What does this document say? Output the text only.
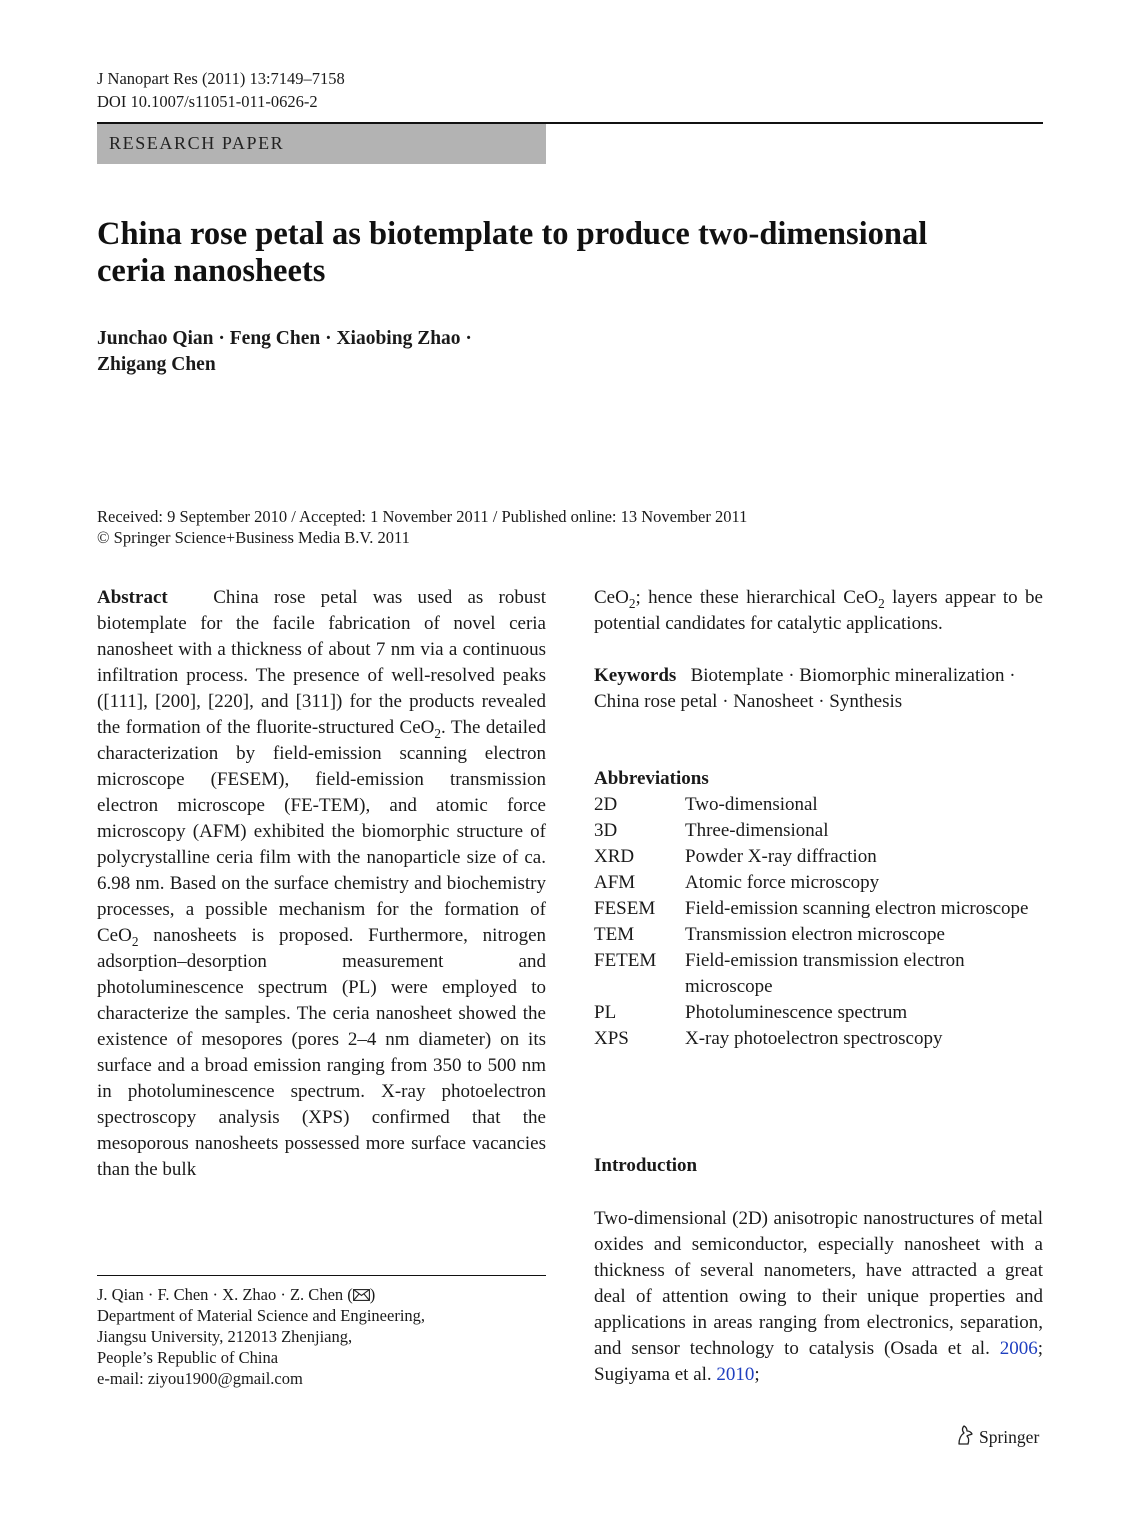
J Nanopart Res (2011) 13:7149–7158
DOI 10.1007/s11051-011-0626-2
RESEARCH PAPER
China rose petal as biotemplate to produce two-dimensional
ceria nanosheets
Junchao Qian · Feng Chen · Xiaobing Zhao ·
Zhigang Chen
Received: 9 September 2010 / Accepted: 1 November 2011 / Published online: 13 November 2011
© Springer Science+Business Media B.V. 2011
Abstract China rose petal was used as robust biotemplate for the facile fabrication of novel ceria nanosheet with a thickness of about 7 nm via a continuous infiltration process. The presence of well-resolved peaks ([111], [200], [220], and [311]) for the products revealed the formation of the fluorite-structured CeO$_2$. The detailed characterization by field-emission scanning electron microscope (FESEM), field-emission transmission electron microscope (FE-TEM), and atomic force microscopy (AFM) exhibited the biomorphic structure of polycrystalline ceria film with the nanoparticle size of ca. 6.98 nm. Based on the surface chemistry and biochemistry processes, a possible mechanism for the formation of CeO$_2$ nanosheets is proposed. Furthermore, nitrogen adsorption–desorption measurement and photoluminescence spectrum (PL) were employed to characterize the samples. The ceria nanosheet showed the existence of mesopores (pores 2–4 nm diameter) on its surface and a broad emission ranging from 350 to 500 nm in photoluminescence spectrum. X-ray photoelectron spectroscopy analysis (XPS) confirmed that the mesoporous nanosheets possessed more surface vacancies than the bulk
CeO$_2$; hence these hierarchical CeO$_2$ layers appear to be potential candidates for catalytic applications.
Keywords Biotemplate · Biomorphic mineralization · China rose petal · Nanosheet · Synthesis
Abbreviations
2D	Two-dimensional
3D	Three-dimensional
XRD	Powder X-ray diffraction
AFM	Atomic force microscopy
FESEM	Field-emission scanning electron microscope
TEM	Transmission electron microscope
FETEM	Field-emission transmission electron microscope
PL	Photoluminescence spectrum
XPS	X-ray photoelectron spectroscopy
Introduction
Two-dimensional (2D) anisotropic nanostructures of metal oxides and semiconductor, especially nanosheet with a thickness of several nanometers, have attracted a great deal of attention owing to their unique properties and applications in areas ranging from electronics, separation, and sensor technology to catalysis (Osada et al. 2006; Sugiyama et al. 2010;
J. Qian · F. Chen · X. Zhao · Z. Chen ( )
Department of Material Science and Engineering,
Jiangsu University, 212013 Zhenjiang,
People’s Republic of China
e-mail: ziyou1900@gmail.com
Springer
